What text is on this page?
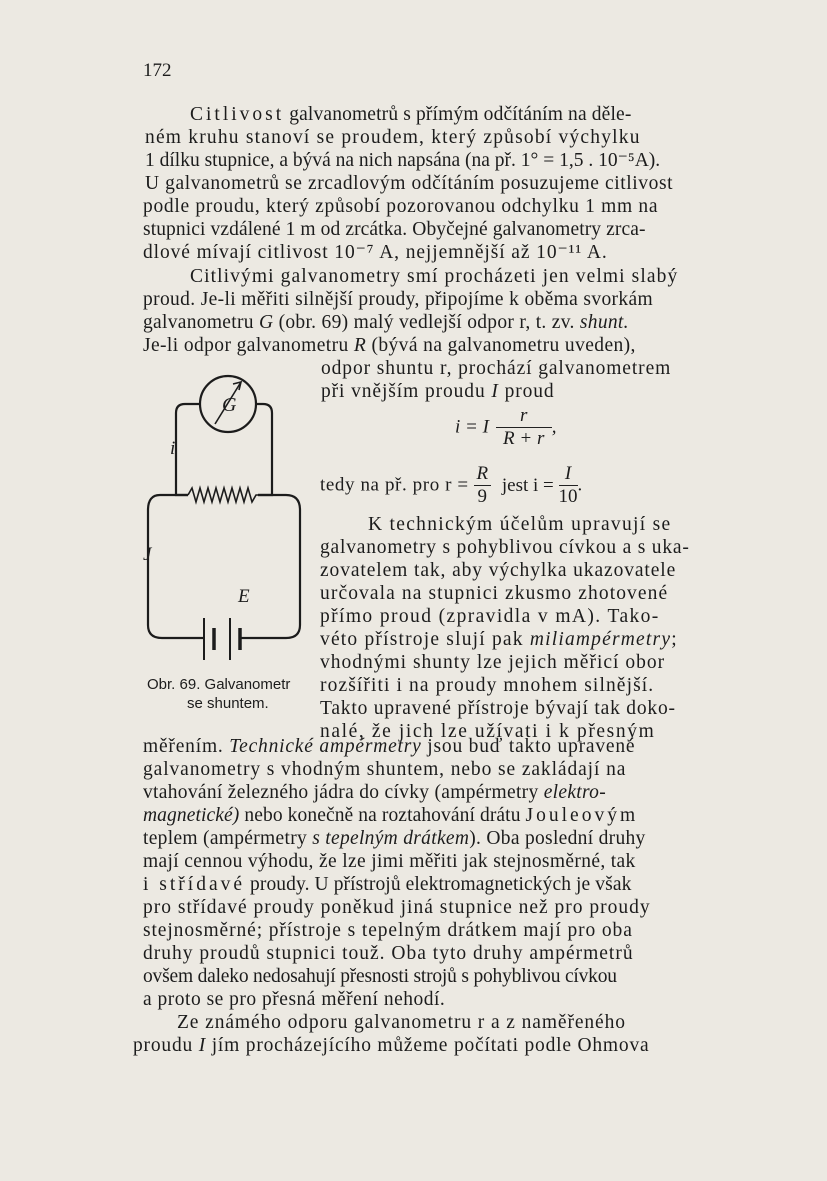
172
Citlivost galvanometrů s přímým odčítáním na děle-
ném kruhu stanoví se proudem, který způsobí výchylku
1 dílku stupnice, a bývá na nich napsána (na př. 1° = 1,5 . 10⁻⁵A).
U galvanometrů se zrcadlovým odčítáním posuzujeme citlivost
podle proudu, který způsobí pozorovanou odchylku 1 mm na
stupnici vzdálené 1 m od zrcátka. Obyčejné galvanometry zrca-
dlové mívají citlivost 10⁻⁷ A, nejjemnější až 10⁻¹¹ A.
Citlivými galvanometry smí procházeti jen velmi slabý
proud. Je-li měřiti silnější proudy, připojíme k oběma svorkám
galvanometru G (obr. 69) malý vedlejší odpor r, t. zv. shunt.
Je-li odpor galvanometru R (bývá na galvanometru uveden),
odpor shuntu r, prochází galvanometrem
při vnějším proudu I proud
i = I $\frac{r}{R + r}$ ,
tedy na př. pro $r = \frac{R}{9}$ jest $i = \frac{I}{10}$ .
K technickým účelům upravují se
galvanometry s pohyblivou cívkou a s uka-
zovatelem tak, aby výchylka ukazovatele
určovala na stupnici zkusmo zhotovené
přímo proud (zpravidla v mA). Tako-
véto přístroje slují pak miliampérmetry;
vhodnými shunty lze jejich měřicí obor
rozšířiti i na proudy mnohem silnější.
Takto upravené přístroje bývají tak doko-
nalé, že jich lze užívati i k přesným
G
i
J
E
Obr. 69. Galvanometr
se shuntem.
měřením. Technické ampérmetry jsou buď takto upravené
galvanometry s vhodným shuntem, nebo se zakládají na
vtahování železného jádra do cívky (ampérmetry elektro-
magnetické) nebo konečně na roztahování drátu Jouleovým
teplem (ampérmetry s tepelným drátkem). Oba poslední druhy
mají cennou výhodu, že lze jimi měřiti jak stejnosměrné, tak
i střídavé proudy. U přístrojů elektromagnetických je však
pro střídavé proudy poněkud jiná stupnice než pro proudy
stejnosměrné; přístroje s tepelným drátkem mají pro oba
druhy proudů stupnici touž. Oba tyto druhy ampérmetrů
ovšem daleko nedosahují přesnosti strojů s pohyblivou cívkou
a proto se pro přesná měření nehodí.
Ze známého odporu galvanometru r a z naměřeného
proudu I jím procházejícího můžeme počítati podle Ohmova
